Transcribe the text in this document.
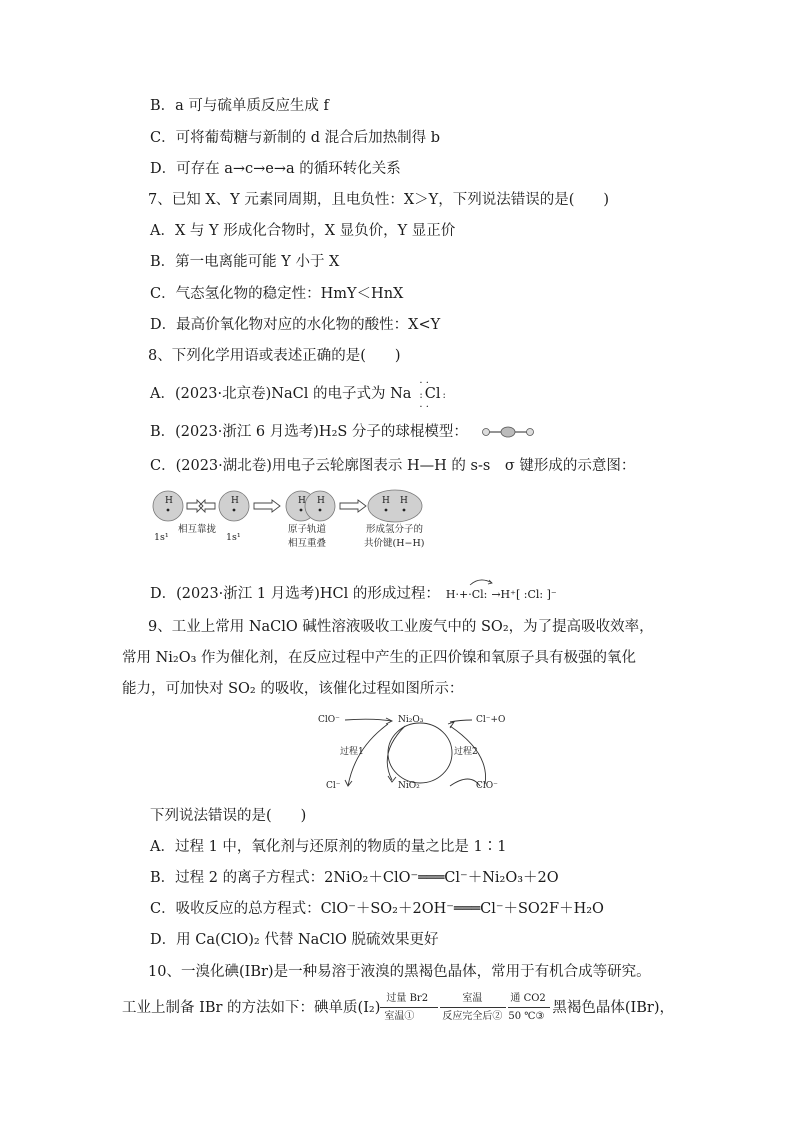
B．a 可与硫单质反应生成 f
C．可将葡萄糖与新制的 d 混合后加热制得 b
D．可存在 a→c→e→a 的循环转化关系
7、已知 X、Y 元素同周期，且电负性：X＞Y，下列说法错误的是(　　)
A．X 与 Y 形成化合物时，X 显负价，Y 显正价
B．第一电离能可能 Y 小于 X
C．气态氢化物的稳定性：HmY＜HnX
D．最高价氧化物对应的水化物的酸性：X<Y
8、下列化学用语或表述正确的是(　　)
A．(2023·北京卷)NaCl 的电子式为 Na
· ·
: Cl :
· ·
B．(2023·浙江 6 月选考)H₂S 分子的球棍模型：
C．(2023·湖北卷)用电子云轮廓图表示 H—H 的 s-s　σ 键形成的示意图：
H	H	H H	H H
1s¹
相互靠拢
1s¹
原子轨道
相互重叠
形成氢分子的
共价键(H−H)
D．(2023·浙江 1 月选考)HCl 的形成过程： H·+·Cl: →H⁺[ :Cl: ]⁻
9、工业上常用 NaClO 碱性溶液吸收工业废气中的 SO₂，为了提高吸收效率，
常用 Ni₂O₃ 作为催化剂，在反应过程中产生的正四价镍和氧原子具有极强的氧化
能力，可加快对 SO₂ 的吸收，该催化过程如图所示：
ClO⁻	Ni₂O₃	Cl⁻+O
过程1	过程2
Cl⁻	NiO₂	ClO⁻
下列说法错误的是(　　)
A．过程 1 中，氧化剂与还原剂的物质的量之比是 1∶1
B．过程 2 的离子方程式：2NiO₂＋ClO⁻═══Cl⁻＋Ni₂O₃＋2O
C．吸收反应的总方程式：ClO⁻＋SO₂＋2OH⁻═══Cl⁻＋SO2F＋H₂O
D．用 Ca(ClO)₂ 代替 NaClO 脱硫效果更好
10、一溴化碘(IBr)是一种易溶于液溴的黑褐色晶体，常用于有机合成等研究。
工业上制备 IBr 的方法如下：碘单质(I₂)
过量 Br2
室温①
室温
反应完全后②
通 CO2
50 ℃③
黑褐色晶体(IBr)，
